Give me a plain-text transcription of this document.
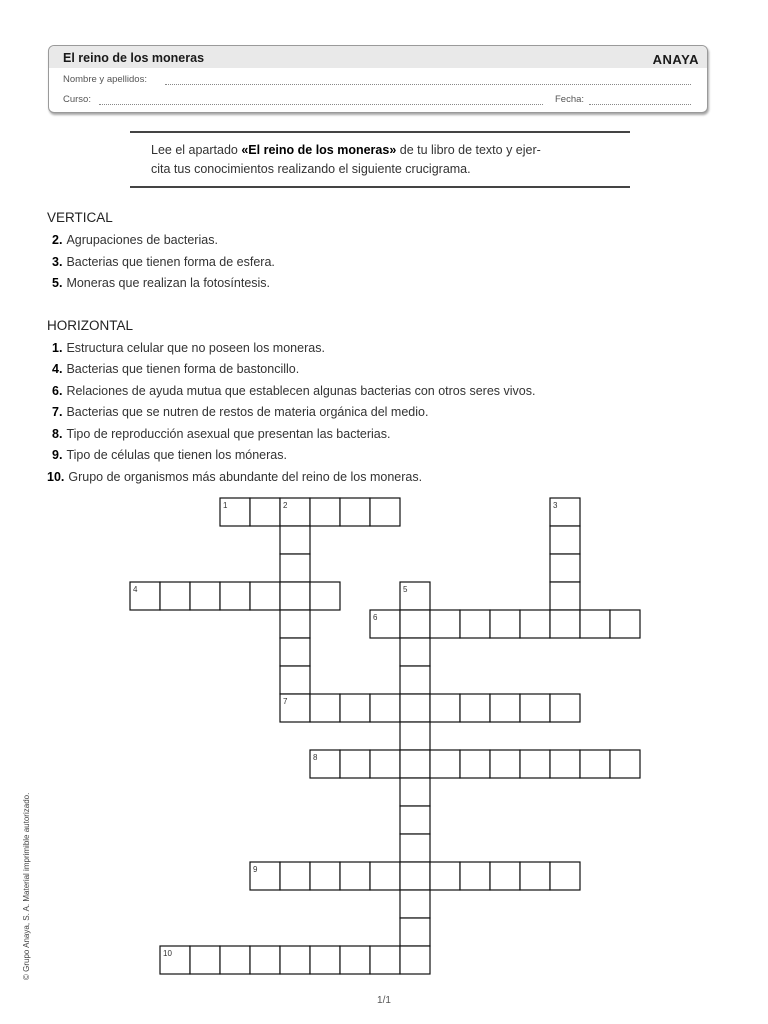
El reino de los moneras	ANAYA
Nombre y apellidos:
Curso:	Fecha:
Lee el apartado «El reino de los moneras» de tu libro de texto y ejer-
cita tus conocimientos realizando el siguiente crucigrama.
VERTICAL
2. Agrupaciones de bacterias.
3. Bacterias que tienen forma de esfera.
5. Moneras que realizan la fotosíntesis.
HORIZONTAL
1. Estructura celular que no poseen los moneras.
4. Bacterias que tienen forma de bastoncillo.
6. Relaciones de ayuda mutua que establecen algunas bacterias con otros seres vivos.
7. Bacterias que se nutren de restos de materia orgánica del medio.
8. Tipo de reproducción asexual que presentan las bacterias.
9. Tipo de células que tienen los móneras.
10. Grupo de organismos más abundante del reino de los moneras.
1	2	3
4	5
6
7
8
9
10
1/1
© Grupo Anaya, S. A. Material imprimible autorizado.
